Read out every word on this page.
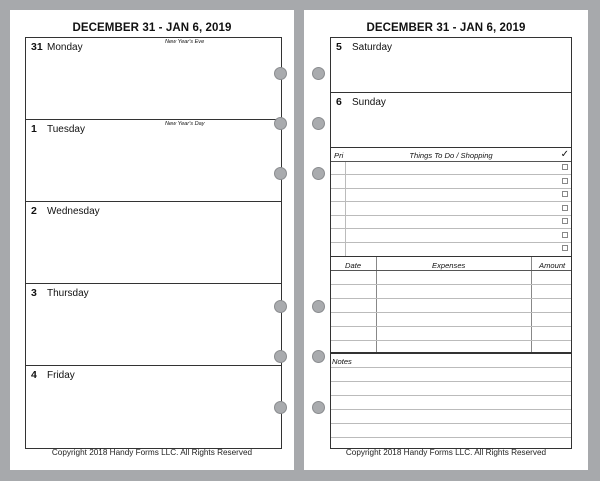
DECEMBER 31 - JAN 6, 2019
31 Monday	New Year's Eve
1 Tuesday	New Year's Day
2 Wednesday
3 Thursday
4 Friday
Copyright 2018 Handy Forms LLC. All Rights Reserved
DECEMBER 31 - JAN 6, 2019
5 Saturday
6 Sunday
Pri	Things To Do / Shopping	✓
Date	Expenses	Amount
Notes
Copyright 2018 Handy Forms LLC. All Rights Reserved
